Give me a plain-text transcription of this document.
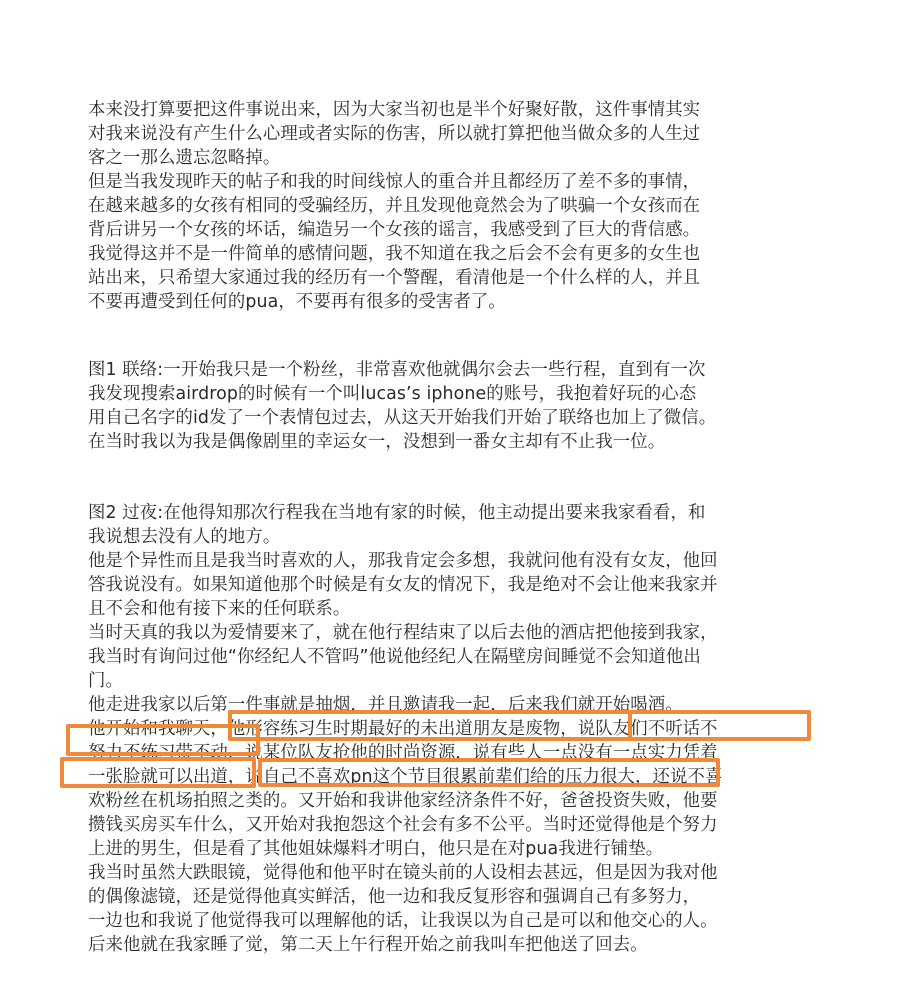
本来没打算要把这件事说出来，因为大家当初也是半个好聚好散，这件事情其实
对我来说没有产生什么心理或者实际的伤害，所以就打算把他当做众多的人生过
客之一那么遗忘忽略掉。
但是当我发现昨天的帖子和我的时间线惊人的重合并且都经历了差不多的事情，
在越来越多的女孩有相同的受骗经历，并且发现他竟然会为了哄骗一个女孩而在
背后讲另一个女孩的坏话，编造另一个女孩的谣言，我感受到了巨大的背信感。
我觉得这并不是一件简单的感情问题，我不知道在我之后会不会有更多的女生也
站出来，只希望大家通过我的经历有一个警醒，看清他是一个什么样的人，并且
不要再遭受到任何的pua，不要再有很多的受害者了。
图1 联络:一开始我只是一个粉丝，非常喜欢他就偶尔会去一些行程，直到有一次
我发现搜索airdrop的时候有一个叫lucas’s iphone的账号，我抱着好玩的心态
用自己名字的id发了一个表情包过去，从这天开始我们开始了联络也加上了微信。
在当时我以为我是偶像剧里的幸运女一，没想到一番女主却有不止我一位。
图2 过夜:在他得知那次行程我在当地有家的时候，他主动提出要来我家看看，和
我说想去没有人的地方。
他是个异性而且是我当时喜欢的人，那我肯定会多想，我就问他有没有女友，他回
答我说没有。如果知道他那个时候是有女友的情况下，我是绝对不会让他来我家并
且不会和他有接下来的任何联系。
当时天真的我以为爱情要来了，就在他行程结束了以后去他的酒店把他接到我家，
我当时有询问过他“你经纪人不管吗”他说他经纪人在隔壁房间睡觉不会知道他出
门。
他走进我家以后第一件事就是抽烟，并且邀请我一起，后来我们就开始喝酒。
他开始和我聊天，他形容练习生时期最好的未出道朋友是废物，说队友们不听话不
努力不练习带不动，说某位队友抢他的时尚资源，说有些人一点没有一点实力凭着
一张脸就可以出道，说自己不喜欢pn这个节目很累前辈们给的压力很大，还说不喜
欢粉丝在机场拍照之类的。又开始和我讲他家经济条件不好，爸爸投资失败，他要
攒钱买房买车什么，又开始对我抱怨这个社会有多不公平。当时还觉得他是个努力
上进的男生，但是看了其他姐妹爆料才明白，他只是在对pua我进行铺垫。
我当时虽然大跌眼镜，觉得他和他平时在镜头前的人设相去甚远，但是因为我对他
的偶像滤镜，还是觉得他真实鲜活，他一边和我反复形容和强调自己有多努力，
一边也和我说了他觉得我可以理解他的话，让我误以为自己是可以和他交心的人。
后来他就在我家睡了觉，第二天上午行程开始之前我叫车把他送了回去。
